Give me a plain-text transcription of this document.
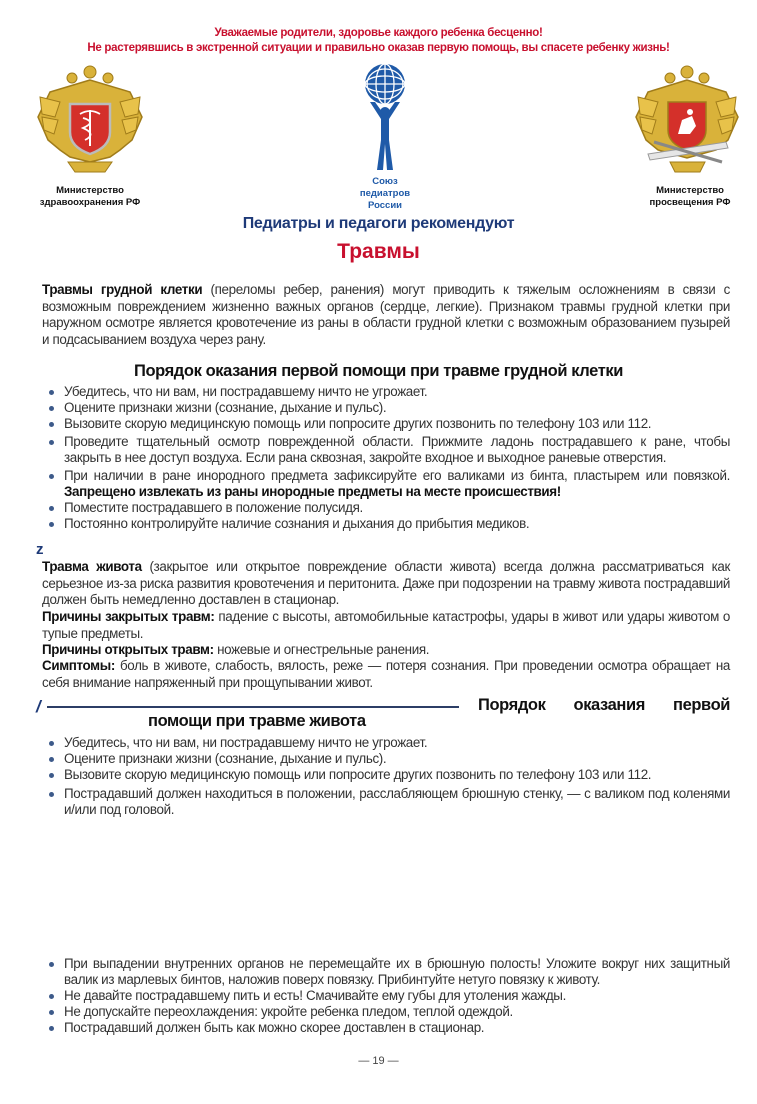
Уважаемые родители, здоровье каждого ребенка бесценно!
Не растерявшись в экстренной ситуации и правильно оказав первую помощь, вы спасете ребенку жизнь!
Министерство
здравоохранения РФ
Союз
педиатров
России
Министерство
просвещения РФ
Педиатры и педагоги рекомендуют
Травмы
Травмы грудной клетки (переломы ребер, ранения) могут приводить к тяжелым осложнениям в связи с возможным повреждением жизненно важных органов (сердце, легкие). Признаком травмы грудной клетки при наружном осмотре является кровотечение из раны в области грудной клетки с возможным образованием пузырей и подсасыванием воздуха через рану.
Порядок оказания первой помощи при травме грудной клетки
Убедитесь, что ни вам, ни пострадавшему ничто не угрожает.
Оцените признаки жизни (сознание, дыхание и пульс).
Вызовите скорую медицинскую помощь или попросите других позвонить по телефону 103 или 112.
Проведите тщательный осмотр поврежденной области. Прижмите ладонь пострадавшего к ране, чтобы закрыть в нее доступ воздуха. Если рана сквозная, закройте входное и выходное раневые отверстия.
При наличии в ране инородного предмета зафиксируйте его валиками из бинта, пластырем или повязкой. Запрещено извлекать из раны инородные предметы на месте происшествия!
Поместите пострадавшего в положение полусидя.
Постоянно контролируйте наличие сознания и дыхания до прибытия медиков.
z
Травма живота (закрытое или открытое повреждение области живота) всегда должна рассматриваться как серьезное из-за риска развития кровотечения и перитонита. Даже при подозрении на травму живота пострадавший должен быть немедленно доставлен в стационар.
Причины закрытых травм: падение с высоты, автомобильные катастрофы, удары в живот или удары животом о тупые предметы.
Причины открытых травм: ножевые и огнестрельные ранения.
Симптомы: боль в животе, слабость, вялость, реже — потеря сознания. При проведении осмотра обращает на себя внимание напряженный при прощупывании живот.
/	Порядок оказания первой
помощи при травме живота
Убедитесь, что ни вам, ни пострадавшему ничто не угрожает.
Оцените признаки жизни (сознание, дыхание и пульс).
Вызовите скорую медицинскую помощь или попросите других позвонить по телефону 103 или 112.
Пострадавший должен находиться в положении, расслабляющем брюшную стенку, — с валиком под коленями и/или под головой.
При выпадении внутренних органов не перемещайте их в брюшную полость! Уложите вокруг них защитный валик из марлевых бинтов, наложив поверх повязку. Прибинтуйте нетуго повязку к животу.
Не давайте пострадавшему пить и есть! Смачивайте ему губы для утоления жажды.
Не допускайте переохлаждения: укройте ребенка пледом, теплой одеждой.
Пострадавший должен быть как можно скорее доставлен в стационар.
— 19 —
